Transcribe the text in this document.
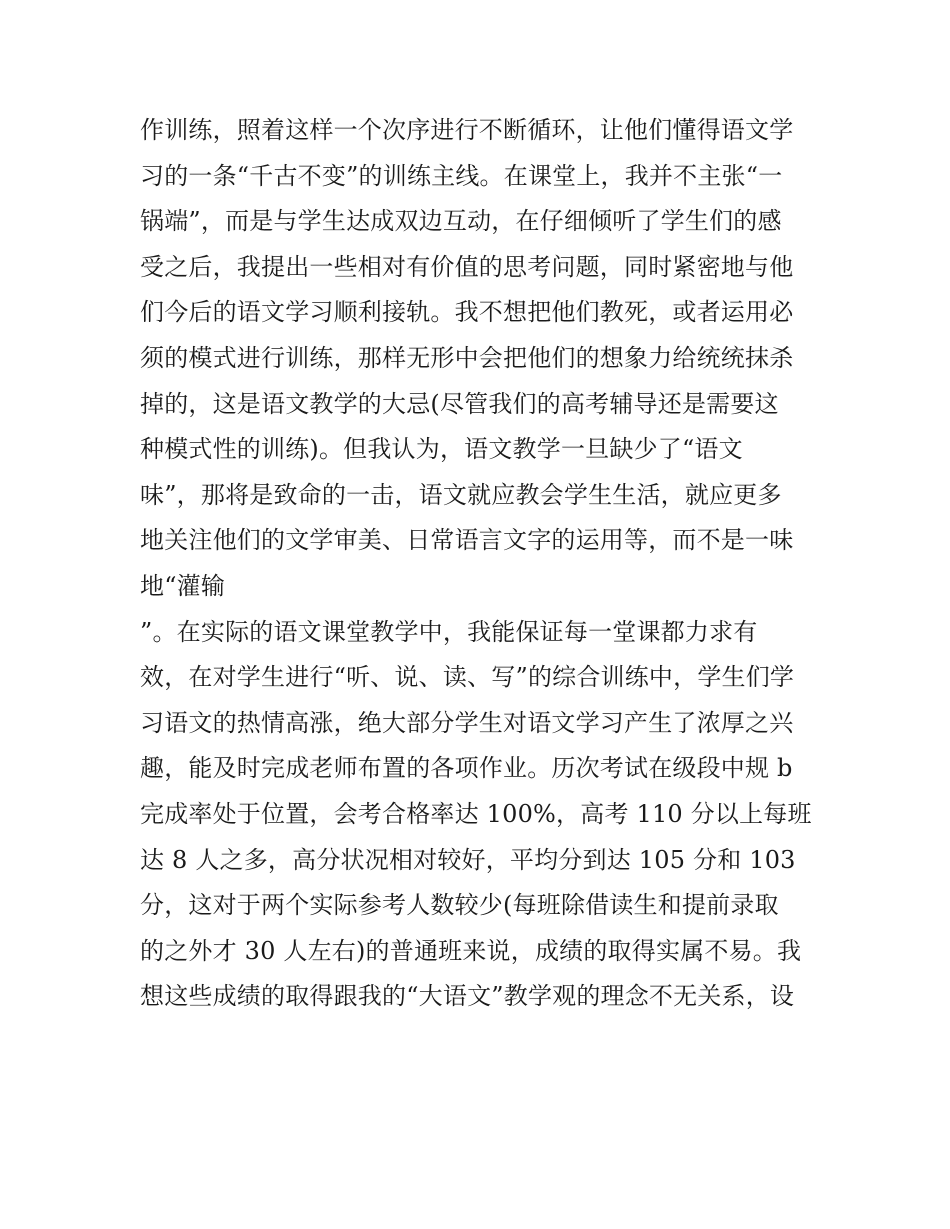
作训练，照着这样一个次序进行不断循环，让他们懂得语文学
习的一条“千古不变”的训练主线。在课堂上，我并不主张“一
锅端”，而是与学生达成双边互动，在仔细倾听了学生们的感
受之后，我提出一些相对有价值的思考问题，同时紧密地与他
们今后的语文学习顺利接轨。我不想把他们教死，或者运用必
须的模式进行训练，那样无形中会把他们的想象力给统统抹杀
掉的，这是语文教学的大忌(尽管我们的高考辅导还是需要这
种模式性的训练)。但我认为，语文教学一旦缺少了“语文
味”，那将是致命的一击，语文就应教会学生生活，就应更多
地关注他们的文学审美、日常语言文字的运用等，而不是一味
地“灌输
”。在实际的语文课堂教学中，我能保证每一堂课都力求有
效，在对学生进行“听、说、读、写”的综合训练中，学生们学
习语文的热情高涨，绝大部分学生对语文学习产生了浓厚之兴
趣，能及时完成老师布置的各项作业。历次考试在级段中规 b
完成率处于位置，会考合格率达 100%，高考 110 分以上每班
达 8 人之多，高分状况相对较好，平均分到达 105 分和 103
分，这对于两个实际参考人数较少(每班除借读生和提前录取
的之外才 30 人左右)的普通班来说，成绩的取得实属不易。我
想这些成绩的取得跟我的“大语文”教学观的理念不无关系，设
